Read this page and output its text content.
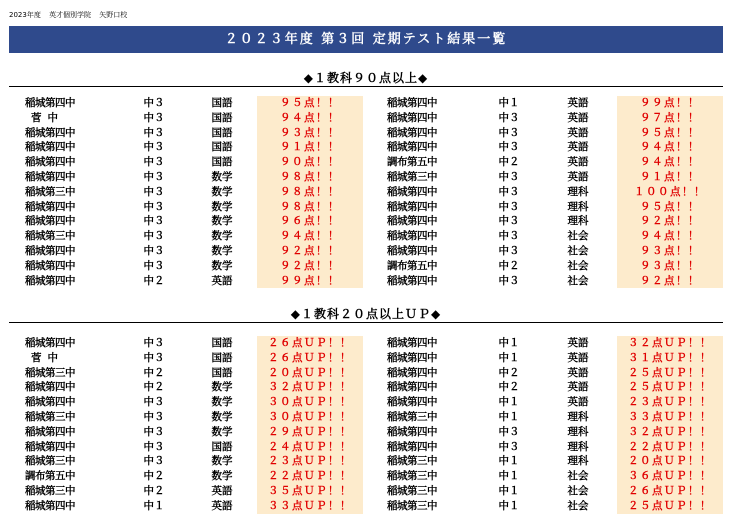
2023年度 英才個別学院 矢野口校
２０２３年度 第３回 定期テスト結果一覧
◆１教科９０点以上◆
稲城第四中	中３	国語	９５点！！	稲城第四中	中１	英語	９９点！！
菅中	中３	国語	９４点！！	稲城第四中	中３	英語	９７点！！
稲城第四中	中３	国語	９３点！！	稲城第四中	中３	英語	９５点！！
稲城第四中	中３	国語	９１点！！	稲城第四中	中３	英語	９４点！！
稲城第四中	中３	国語	９０点！！	調布第五中	中２	英語	９４点！！
稲城第四中	中３	数学	９８点！！	稲城第三中	中３	英語	９１点！！
稲城第三中	中３	数学	９８点！！	稲城第四中	中３	理科	１００点！！
稲城第四中	中３	数学	９８点！！	稲城第四中	中３	理科	９５点！！
稲城第四中	中３	数学	９６点！！	稲城第四中	中３	理科	９２点！！
稲城第三中	中３	数学	９４点！！	稲城第四中	中３	社会	９４点！！
稲城第四中	中３	数学	９２点！！	稲城第四中	中３	社会	９３点！！
稲城第四中	中３	数学	９２点！！	調布第五中	中２	社会	９３点！！
稲城第四中	中２	英語	９９点！！	稲城第四中	中３	社会	９２点！！
◆１教科２０点以上ＵＰ◆
稲城第四中	中３	国語	２６点ＵＰ！！	稲城第四中	中１	英語	３２点ＵＰ！！
菅中	中３	国語	２６点ＵＰ！！	稲城第四中	中１	英語	３１点ＵＰ！！
稲城第三中	中２	国語	２０点ＵＰ！！	稲城第四中	中２	英語	２５点ＵＰ！！
稲城第四中	中２	数学	３２点ＵＰ！！	稲城第四中	中２	英語	２５点ＵＰ！！
稲城第四中	中３	数学	３０点ＵＰ！！	稲城第四中	中１	英語	２３点ＵＰ！！
稲城第三中	中３	数学	３０点ＵＰ！！	稲城第三中	中１	理科	３３点ＵＰ！！
稲城第四中	中３	数学	２９点ＵＰ！！	稲城第四中	中３	理科	３２点ＵＰ！！
稲城第四中	中３	国語	２４点ＵＰ！！	稲城第四中	中３	理科	２２点ＵＰ！！
稲城第三中	中３	数学	２３点ＵＰ！！	稲城第三中	中１	理科	２０点ＵＰ！！
調布第五中	中２	数学	２２点ＵＰ！！	稲城第三中	中１	社会	３６点ＵＰ！！
稲城第三中	中２	英語	３５点ＵＰ！！	稲城第三中	中１	社会	２６点ＵＰ！！
稲城第四中	中１	英語	３３点ＵＰ！！	稲城第三中	中１	社会	２５点ＵＰ！！
